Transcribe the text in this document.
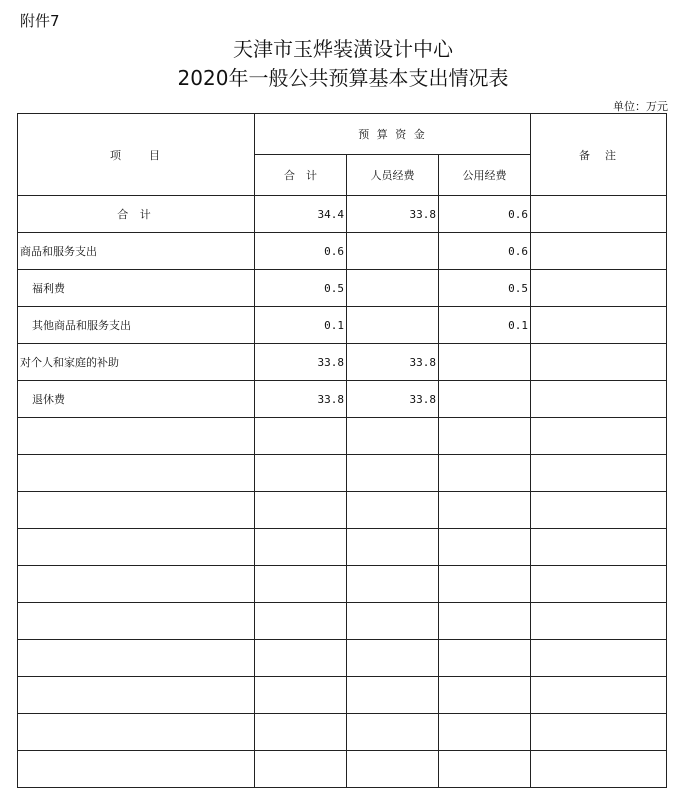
附件7
天津市玉烨装潢设计中心
2020年一般公共预算基本支出情况表
单位：万元
项　　目	预 算 资 金			备　注
	合　计	人员经费	公用经费	
合 计	34.4	33.8	0.6	
商品和服务支出	0.6		0.6	
福利费	0.5		0.5	
其他商品和服务支出	0.1		0.1	
对个人和家庭的补助	33.8	33.8		
退休费	33.8	33.8		
